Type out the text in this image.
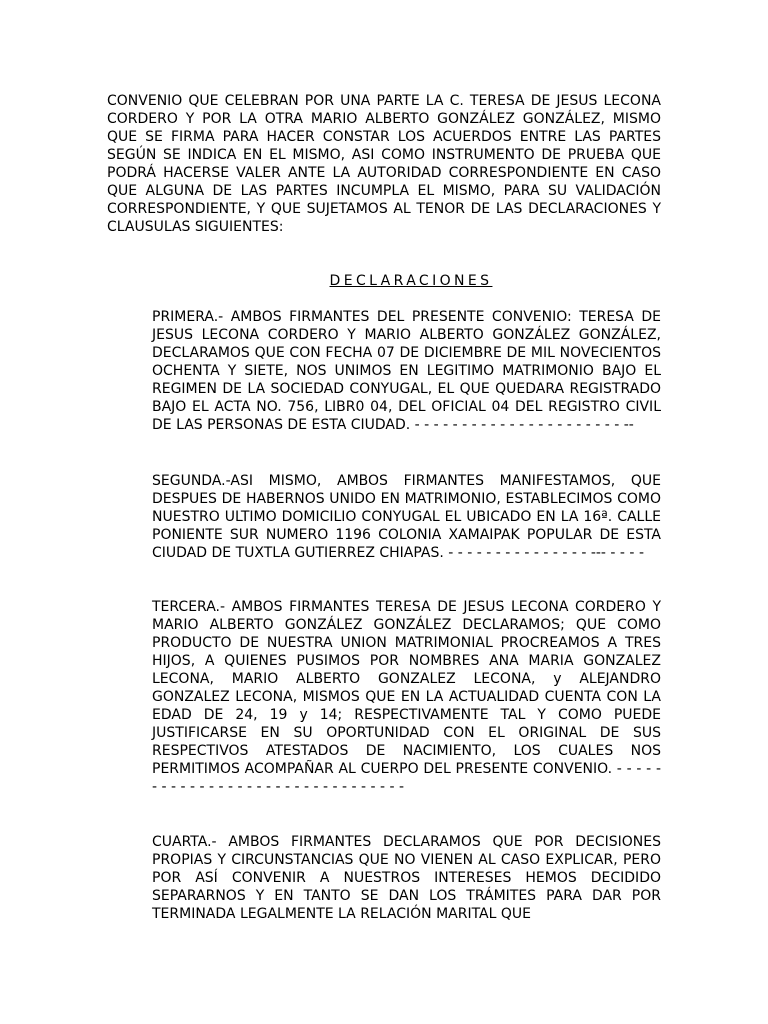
CONVENIO QUE CELEBRAN POR UNA PARTE LA C. TERESA DE JESUS LECONA CORDERO Y POR LA OTRA MARIO ALBERTO GONZÁLEZ GONZÁLEZ, MISMO QUE SE FIRMA PARA HACER CONSTAR LOS ACUERDOS ENTRE LAS PARTES SEGÚN SE INDICA EN EL MISMO, ASI COMO INSTRUMENTO DE PRUEBA QUE PODRÁ HACERSE VALER ANTE LA AUTORIDAD CORRESPONDIENTE EN CASO QUE ALGUNA DE LAS PARTES INCUMPLA EL MISMO, PARA SU VALIDACIÓN CORRESPONDIENTE, Y QUE SUJETAMOS AL TENOR DE LAS DECLARACIONES Y CLAUSULAS SIGUIENTES:

DECLARACIONES

PRIMERA.- AMBOS FIRMANTES DEL PRESENTE CONVENIO: TERESA DE JESUS LECONA CORDERO Y MARIO ALBERTO GONZÁLEZ GONZÁLEZ, DECLARAMOS QUE CON FECHA 07 DE DICIEMBRE DE MIL NOVECIENTOS OCHENTA Y SIETE, NOS UNIMOS EN LEGITIMO MATRIMONIO BAJO EL REGIMEN DE LA SOCIEDAD CONYUGAL, EL QUE QUEDARA REGISTRADO BAJO EL ACTA NO. 756, LIBR0 04, DEL OFICIAL 04 DEL REGISTRO CIVIL DE LAS PERSONAS DE ESTA CIUDAD. - - - - - - - - - - - - - - - - - - - - - - --

SEGUNDA.-ASI MISMO, AMBOS FIRMANTES MANIFESTAMOS, QUE DESPUES DE HABERNOS UNIDO EN MATRIMONIO, ESTABLECIMOS COMO NUESTRO ULTIMO DOMICILIO CONYUGAL EL UBICADO EN LA 16ª. CALLE PONIENTE SUR NUMERO 1196 COLONIA XAMAIPAK POPULAR DE ESTA CIUDAD DE TUXTLA GUTIERREZ CHIAPAS. - - - - - - - - - - - - - - - --- - - - -

TERCERA.- AMBOS FIRMANTES TERESA DE JESUS LECONA CORDERO Y MARIO ALBERTO GONZÁLEZ GONZÁLEZ DECLARAMOS; QUE COMO PRODUCTO DE NUESTRA UNION MATRIMONIAL PROCREAMOS A TRES HIJOS, A QUIENES PUSIMOS POR NOMBRES ANA MARIA GONZALEZ LECONA, MARIO ALBERTO GONZALEZ LECONA, y ALEJANDRO GONZALEZ LECONA, MISMOS QUE EN LA ACTUALIDAD CUENTA CON LA EDAD DE 24, 19 y 14; RESPECTIVAMENTE TAL Y COMO PUEDE JUSTIFICARSE EN SU OPORTUNIDAD CON EL ORIGINAL DE SUS RESPECTIVOS ATESTADOS DE NACIMIENTO, LOS CUALES NOS PERMITIMOS ACOMPAÑAR AL CUERPO DEL PRESENTE CONVENIO. - - - - - - - - - - - - - - - - - - - - - - - - - - - - - - - -

CUARTA.- AMBOS FIRMANTES DECLARAMOS QUE POR DECISIONES PROPIAS Y CIRCUNSTANCIAS QUE NO VIENEN AL CASO EXPLICAR, PERO POR ASÍ CONVENIR A NUESTROS INTERESES HEMOS DECIDIDO SEPARARNOS Y EN TANTO SE DAN LOS TRÁMITES PARA DAR POR TERMINADA LEGALMENTE LA RELACIÓN MARITAL QUE
